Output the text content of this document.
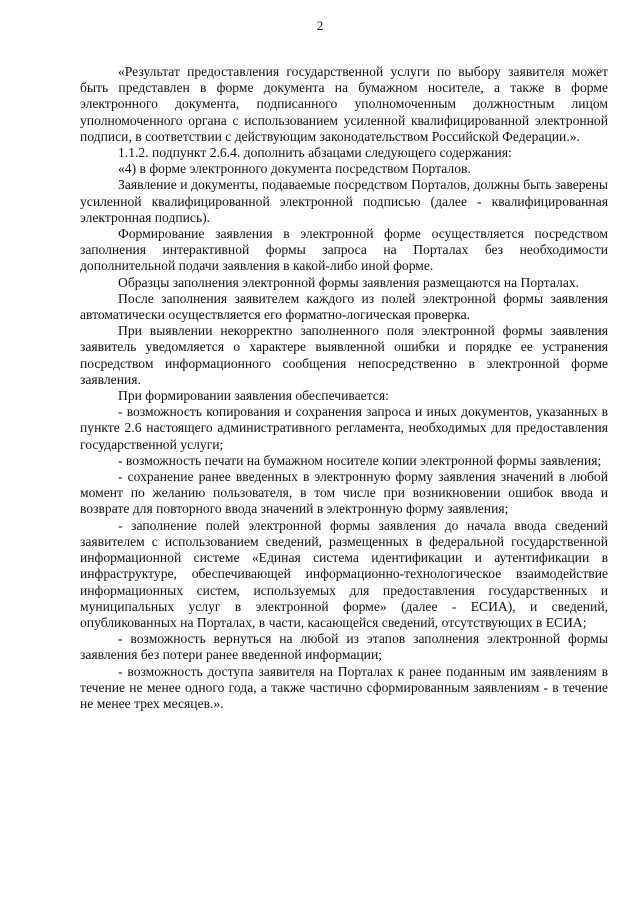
2

«Результат предоставления государственной услуги по выбору заявителя может быть представлен в форме документа на бумажном носителе, а также в форме электронного документа, подписанного уполномоченным должностным лицом уполномоченного органа с использованием усиленной квалифицированной электронной подписи, в соответствии с действующим законодательством Российской Федерации.».

1.1.2. подпункт 2.6.4. дополнить абзацами следующего содержания:

«4) в форме электронного документа посредством Порталов.

Заявление и документы, подаваемые посредством Порталов, должны быть заверены усиленной квалифицированной электронной подписью (далее - квалифицированная электронная подпись).

Формирование заявления в электронной форме осуществляется посредством заполнения интерактивной формы запроса на Порталах без необходимости дополнительной подачи заявления в какой-либо иной форме.

Образцы заполнения электронной формы заявления размещаются на Порталах.

После заполнения заявителем каждого из полей электронной формы заявления автоматически осуществляется его форматно-логическая проверка.

При выявлении некорректно заполненного поля электронной формы заявления заявитель уведомляется о характере выявленной ошибки и порядке ее устранения посредством информационного сообщения непосредственно в электронной форме заявления.

При формировании заявления обеспечивается:

- возможность копирования и сохранения запроса и иных документов, указанных в пункте 2.6 настоящего административного регламента, необходимых для предоставления государственной услуги;

- возможность печати на бумажном носителе копии электронной формы заявления;

- сохранение ранее введенных в электронную форму заявления значений в любой момент по желанию пользователя, в том числе при возникновении ошибок ввода и возврате для повторного ввода значений в электронную форму заявления;

- заполнение полей электронной формы заявления до начала ввода сведений заявителем с использованием сведений, размещенных в федеральной государственной информационной системе «Единая система идентификации и аутентификации в инфраструктуре, обеспечивающей информационно-технологическое взаимодействие информационных систем, используемых для предоставления государственных и муниципальных услуг в электронной форме» (далее - ЕСИА), и сведений, опубликованных на Порталах, в части, касающейся сведений, отсутствующих в ЕСИА;

- возможность вернуться на любой из этапов заполнения электронной формы заявления без потери ранее введенной информации;

- возможность доступа заявителя на Порталах к ранее поданным им заявлениям в течение не менее одного года, а также частично сформированным заявлениям - в течение не менее трех месяцев.».
